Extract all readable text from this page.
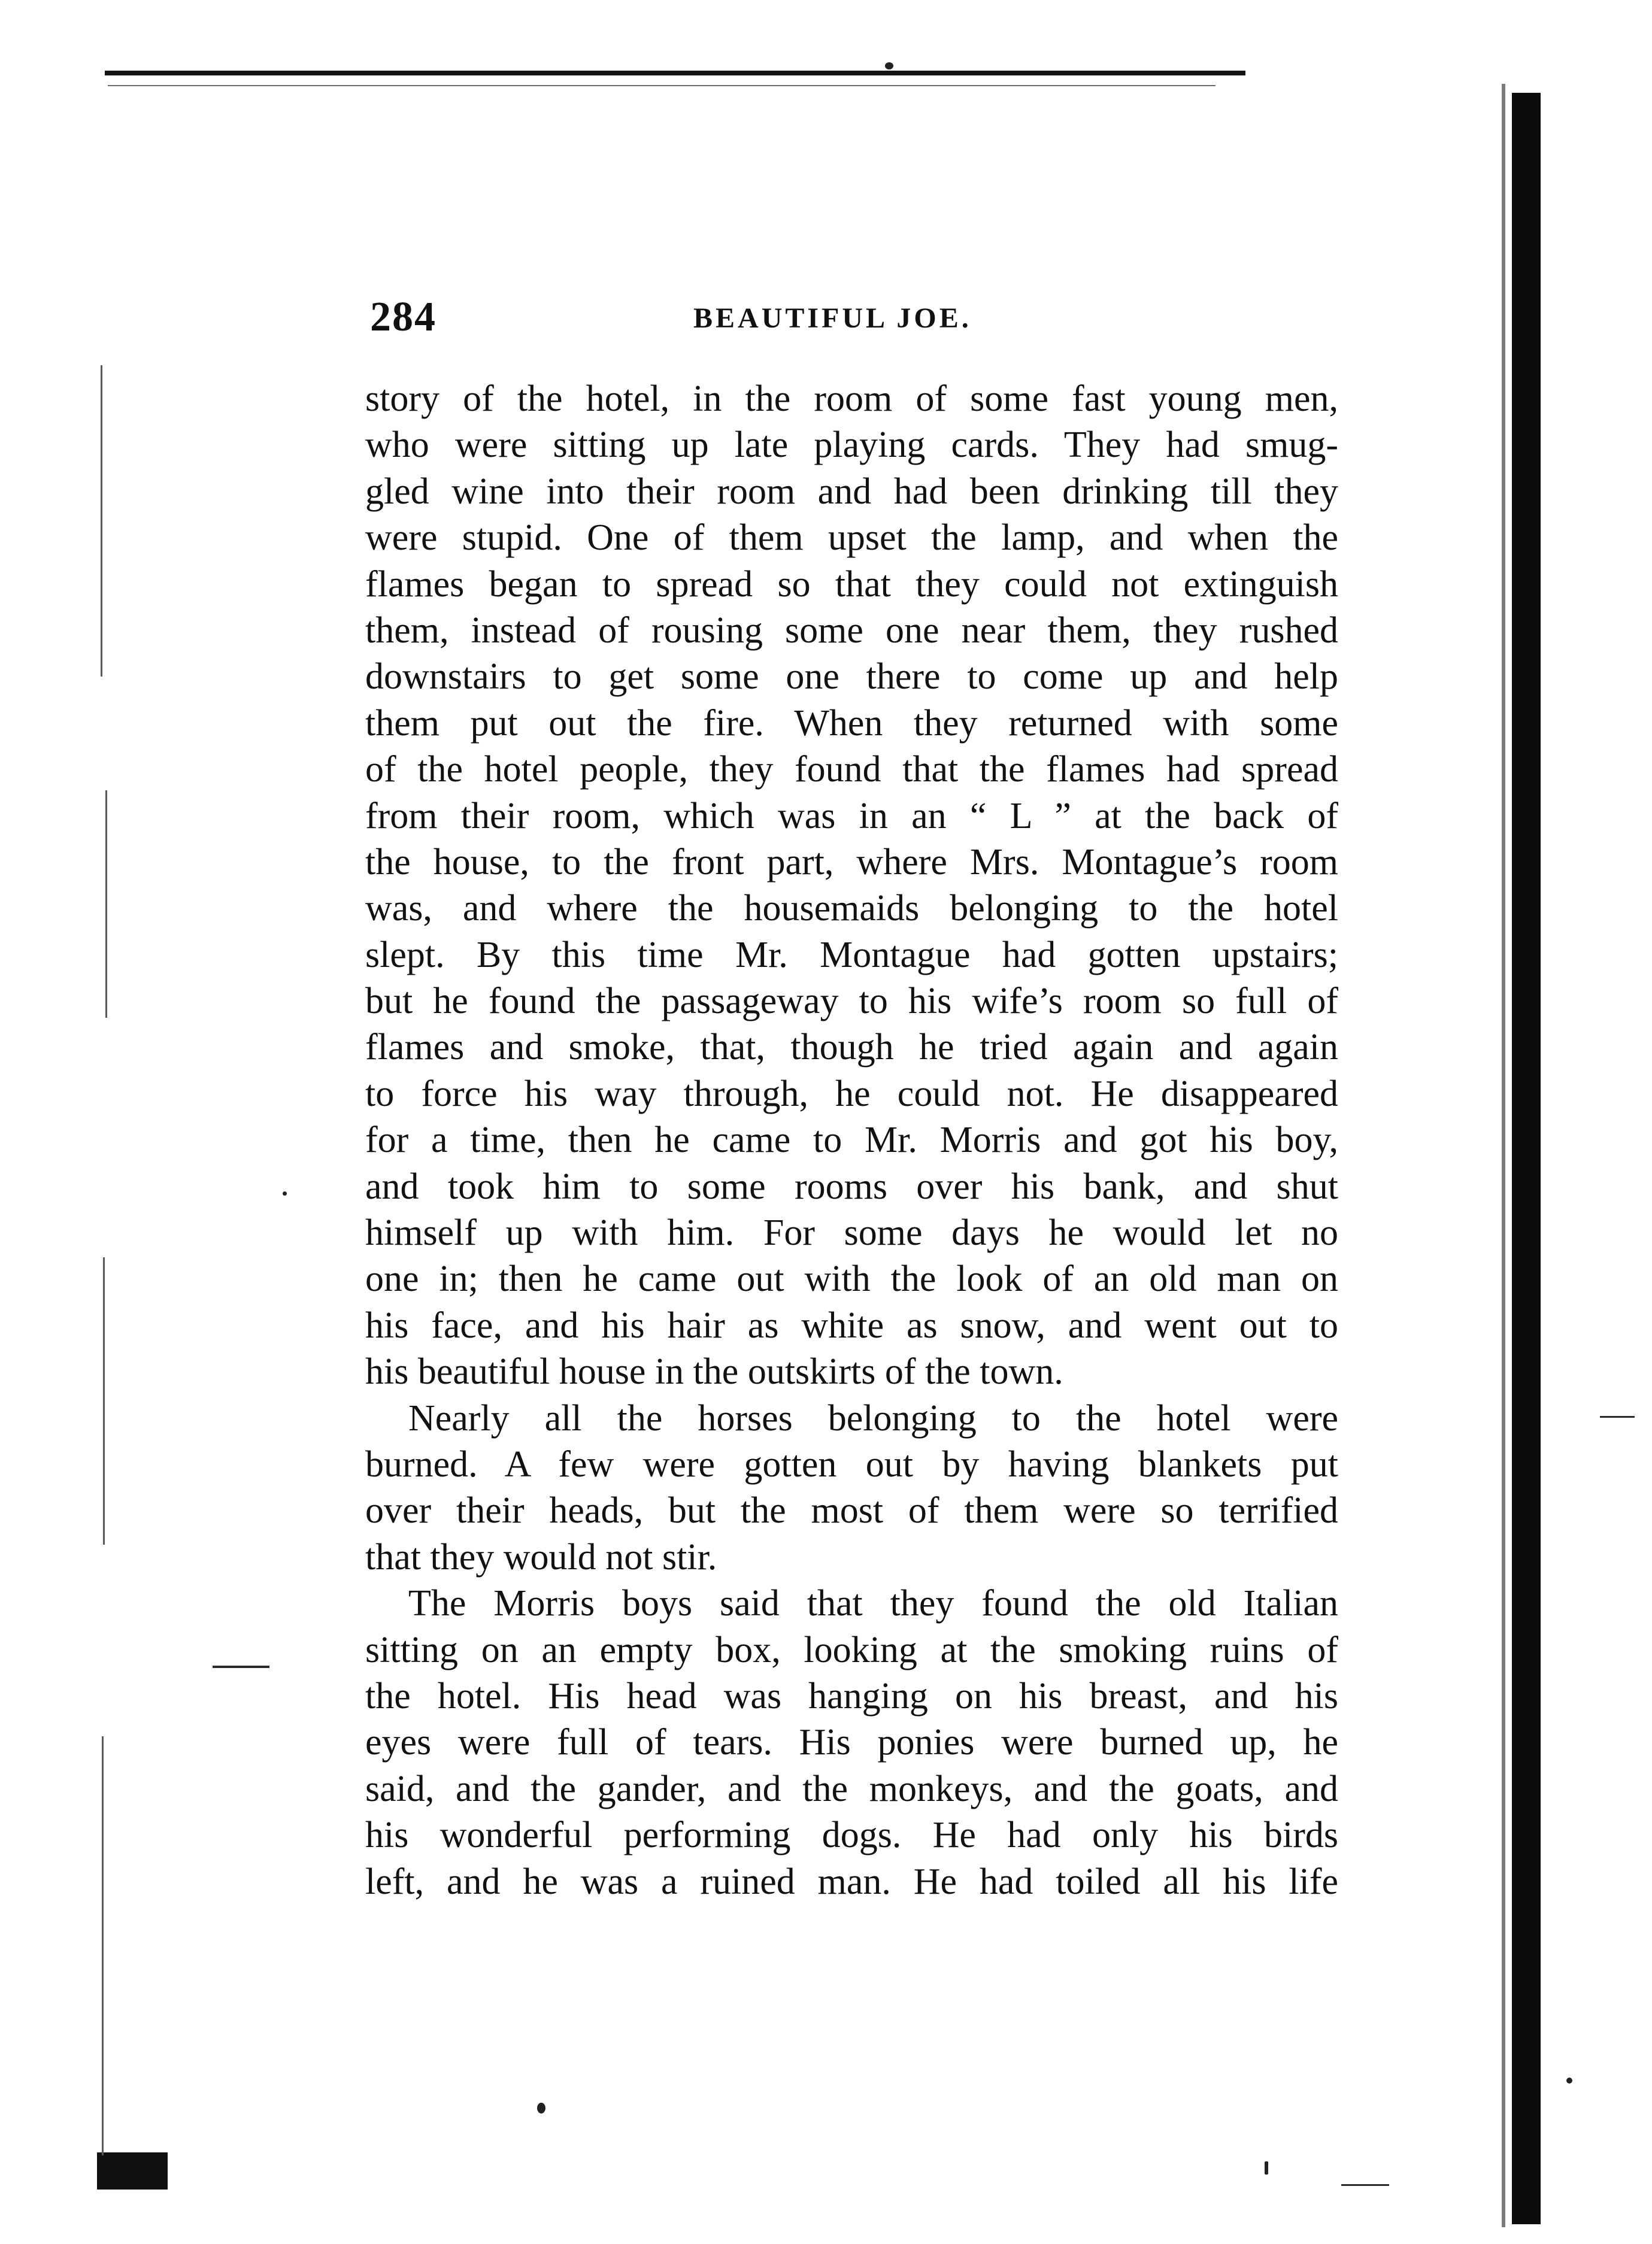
284	BEAUTIFUL JOE.
story of the hotel, in the room of some fast young men,
who were sitting up late playing cards. They had smug-
gled wine into their room and had been drinking till they
were stupid. One of them upset the lamp, and when the
flames began to spread so that they could not extinguish
them, instead of rousing some one near them, they rushed
downstairs to get some one there to come up and help
them put out the fire. When they returned with some
of the hotel people, they found that the flames had spread
from their room, which was in an “ L ” at the back of
the house, to the front part, where Mrs. Montague’s room
was, and where the housemaids belonging to the hotel
slept. By this time Mr. Montague had gotten upstairs;
but he found the passageway to his wife’s room so full of
flames and smoke, that, though he tried again and again
to force his way through, he could not. He disappeared
for a time, then he came to Mr. Morris and got his boy,
and took him to some rooms over his bank, and shut
himself up with him. For some days he would let no
one in; then he came out with the look of an old man on
his face, and his hair as white as snow, and went out to
his beautiful house in the outskirts of the town.
Nearly all the horses belonging to the hotel were
burned. A few were gotten out by having blankets put
over their heads, but the most of them were so terrified
that they would not stir.
The Morris boys said that they found the old Italian
sitting on an empty box, looking at the smoking ruins of
the hotel. His head was hanging on his breast, and his
eyes were full of tears. His ponies were burned up, he
said, and the gander, and the monkeys, and the goats, and
his wonderful performing dogs. He had only his birds
left, and he was a ruined man. He had toiled all his life
